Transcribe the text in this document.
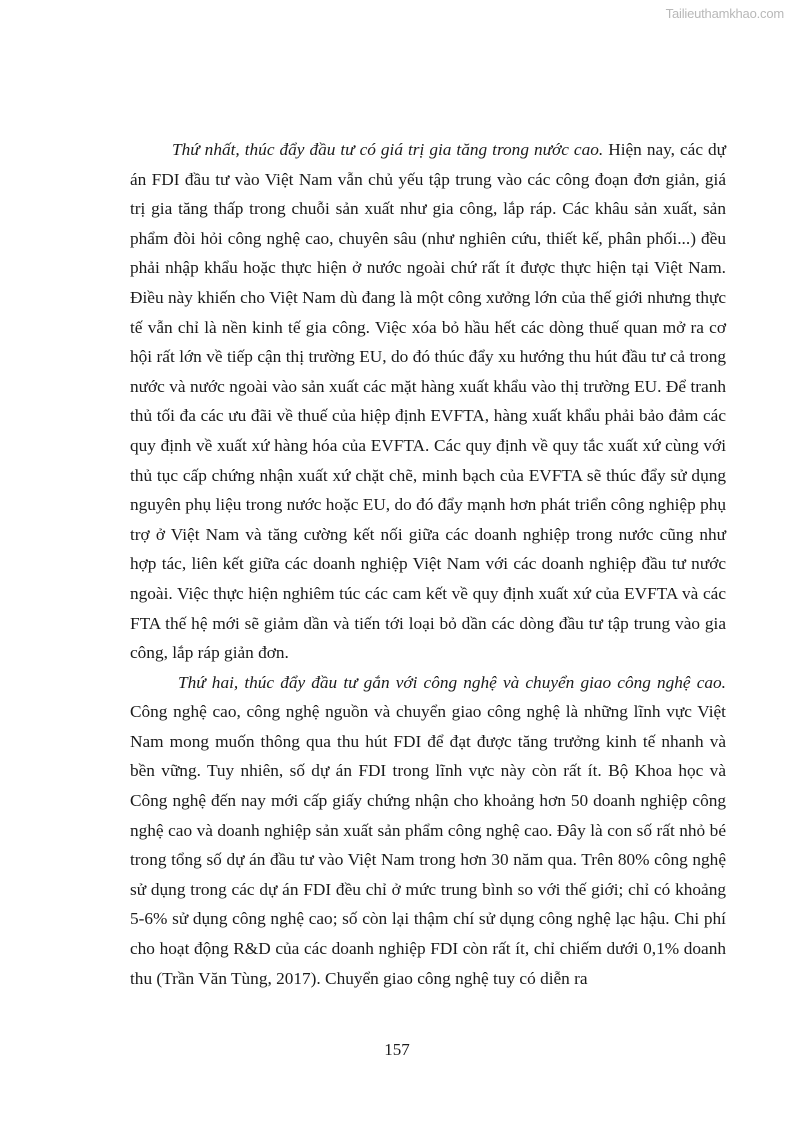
Tailieuthamkhao.com

Thứ nhất, thúc đẩy đầu tư có giá trị gia tăng trong nước cao. Hiện nay, các dự án FDI đầu tư vào Việt Nam vẫn chủ yếu tập trung vào các công đoạn đơn giản, giá trị gia tăng thấp trong chuỗi sản xuất như gia công, lắp ráp. Các khâu sản xuất, sản phẩm đòi hỏi công nghệ cao, chuyên sâu (như nghiên cứu, thiết kế, phân phối...) đều phải nhập khẩu hoặc thực hiện ở nước ngoài chứ rất ít được thực hiện tại Việt Nam. Điều này khiến cho Việt Nam dù đang là một công xưởng lớn của thế giới nhưng thực tế vẫn chỉ là nền kinh tế gia công. Việc xóa bỏ hầu hết các dòng thuế quan mở ra cơ hội rất lớn về tiếp cận thị trường EU, do đó thúc đẩy xu hướng thu hút đầu tư cả trong nước và nước ngoài vào sản xuất các mặt hàng xuất khẩu vào thị trường EU. Để tranh thủ tối đa các ưu đãi về thuế của hiệp định EVFTA, hàng xuất khẩu phải bảo đảm các quy định về xuất xứ hàng hóa của EVFTA. Các quy định về quy tắc xuất xứ cùng với thủ tục cấp chứng nhận xuất xứ chặt chẽ, minh bạch của EVFTA sẽ thúc đẩy sử dụng nguyên phụ liệu trong nước hoặc EU, do đó đẩy mạnh hơn phát triển công nghiệp phụ trợ ở Việt Nam và tăng cường kết nối giữa các doanh nghiệp trong nước cũng như hợp tác, liên kết giữa các doanh nghiệp Việt Nam với các doanh nghiệp đầu tư nước ngoài. Việc thực hiện nghiêm túc các cam kết về quy định xuất xứ của EVFTA và các FTA thế hệ mới sẽ giảm dần và tiến tới loại bỏ dần các dòng đầu tư tập trung vào gia công, lắp ráp giản đơn.

Thứ hai, thúc đẩy đầu tư gắn với công nghệ và chuyển giao công nghệ cao. Công nghệ cao, công nghệ nguồn và chuyển giao công nghệ là những lĩnh vực Việt Nam mong muốn thông qua thu hút FDI để đạt được tăng trưởng kinh tế nhanh và bền vững. Tuy nhiên, số dự án FDI trong lĩnh vực này còn rất ít. Bộ Khoa học và Công nghệ đến nay mới cấp giấy chứng nhận cho khoảng hơn 50 doanh nghiệp công nghệ cao và doanh nghiệp sản xuất sản phẩm công nghệ cao. Đây là con số rất nhỏ bé trong tổng số dự án đầu tư vào Việt Nam trong hơn 30 năm qua. Trên 80% công nghệ sử dụng trong các dự án FDI đều chỉ ở mức trung bình so với thế giới; chỉ có khoảng 5-6% sử dụng công nghệ cao; số còn lại thậm chí sử dụng công nghệ lạc hậu. Chi phí cho hoạt động R&D của các doanh nghiệp FDI còn rất ít, chỉ chiếm dưới 0,1% doanh thu (Trần Văn Tùng, 2017). Chuyển giao công nghệ tuy có diễn ra

157
